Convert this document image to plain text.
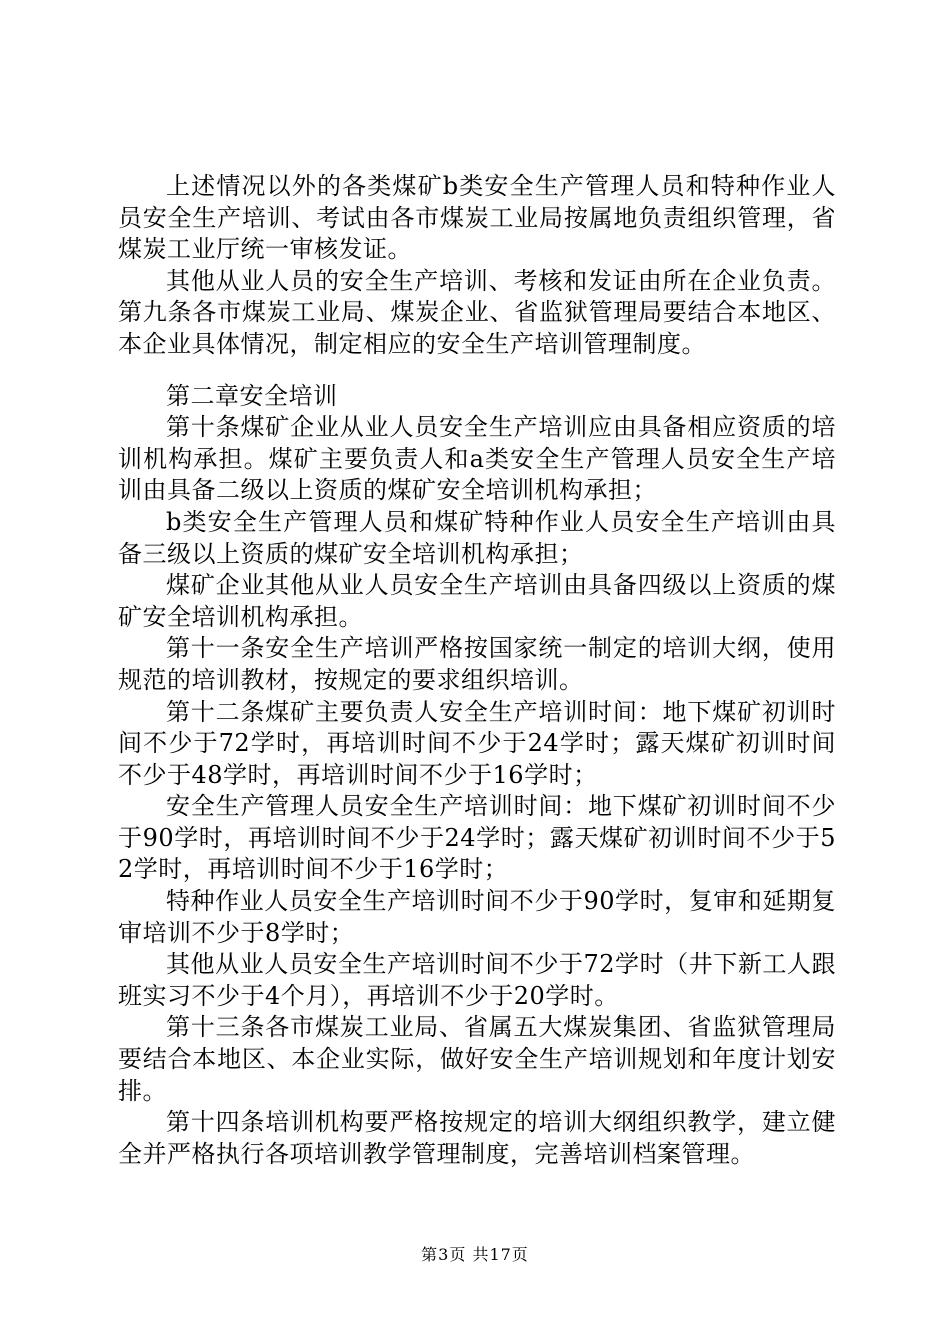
上述情况以外的各类煤矿b类安全生产管理人员和特种作业人员安全生产培训、考试由各市煤炭工业局按属地负责组织管理，省煤炭工业厅统一审核发证。

其他从业人员的安全生产培训、考核和发证由所在企业负责。第九条各市煤炭工业局、煤炭企业、省监狱管理局要结合本地区、本企业具体情况，制定相应的安全生产培训管理制度。

第二章安全培训

第十条煤矿企业从业人员安全生产培训应由具备相应资质的培训机构承担。煤矿主要负责人和a类安全生产管理人员安全生产培训由具备二级以上资质的煤矿安全培训机构承担；

b类安全生产管理人员和煤矿特种作业人员安全生产培训由具备三级以上资质的煤矿安全培训机构承担；

煤矿企业其他从业人员安全生产培训由具备四级以上资质的煤矿安全培训机构承担。

第十一条安全生产培训严格按国家统一制定的培训大纲，使用规范的培训教材，按规定的要求组织培训。

第十二条煤矿主要负责人安全生产培训时间：地下煤矿初训时间不少于72学时，再培训时间不少于24学时；露天煤矿初训时间不少于48学时，再培训时间不少于16学时；

安全生产管理人员安全生产培训时间：地下煤矿初训时间不少于90学时，再培训时间不少于24学时；露天煤矿初训时间不少于52学时，再培训时间不少于16学时；

特种作业人员安全生产培训时间不少于90学时，复审和延期复审培训不少于8学时；

其他从业人员安全生产培训时间不少于72学时（井下新工人跟班实习不少于4个月），再培训不少于20学时。

第十三条各市煤炭工业局、省属五大煤炭集团、省监狱管理局要结合本地区、本企业实际，做好安全生产培训规划和年度计划安排。

第十四条培训机构要严格按规定的培训大纲组织教学，建立健全并严格执行各项培训教学管理制度，完善培训档案管理。

第3页 共17页
